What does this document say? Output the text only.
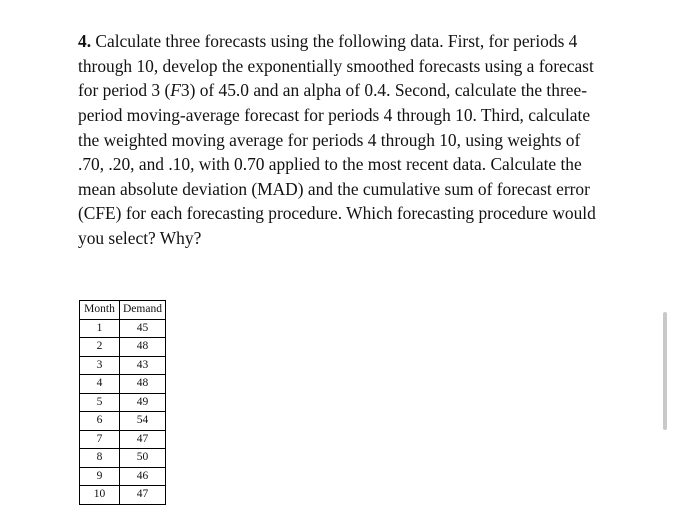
4. Calculate three forecasts using the following data. First, for periods 4 through 10, develop the exponentially smoothed forecasts using a forecast for period 3 (F3) of 45.0 and an alpha of 0.4. Second, calculate the three-period moving-average forecast for periods 4 through 10. Third, calculate the weighted moving average for periods 4 through 10, using weights of .70, .20, and .10, with 0.70 applied to the most recent data. Calculate the mean absolute deviation (MAD) and the cumulative sum of forecast error (CFE) for each forecasting procedure. Which forecasting procedure would you select? Why?

Month	Demand
1	45
2	48
3	43
4	48
5	49
6	54
7	47
8	50
9	46
10	47
